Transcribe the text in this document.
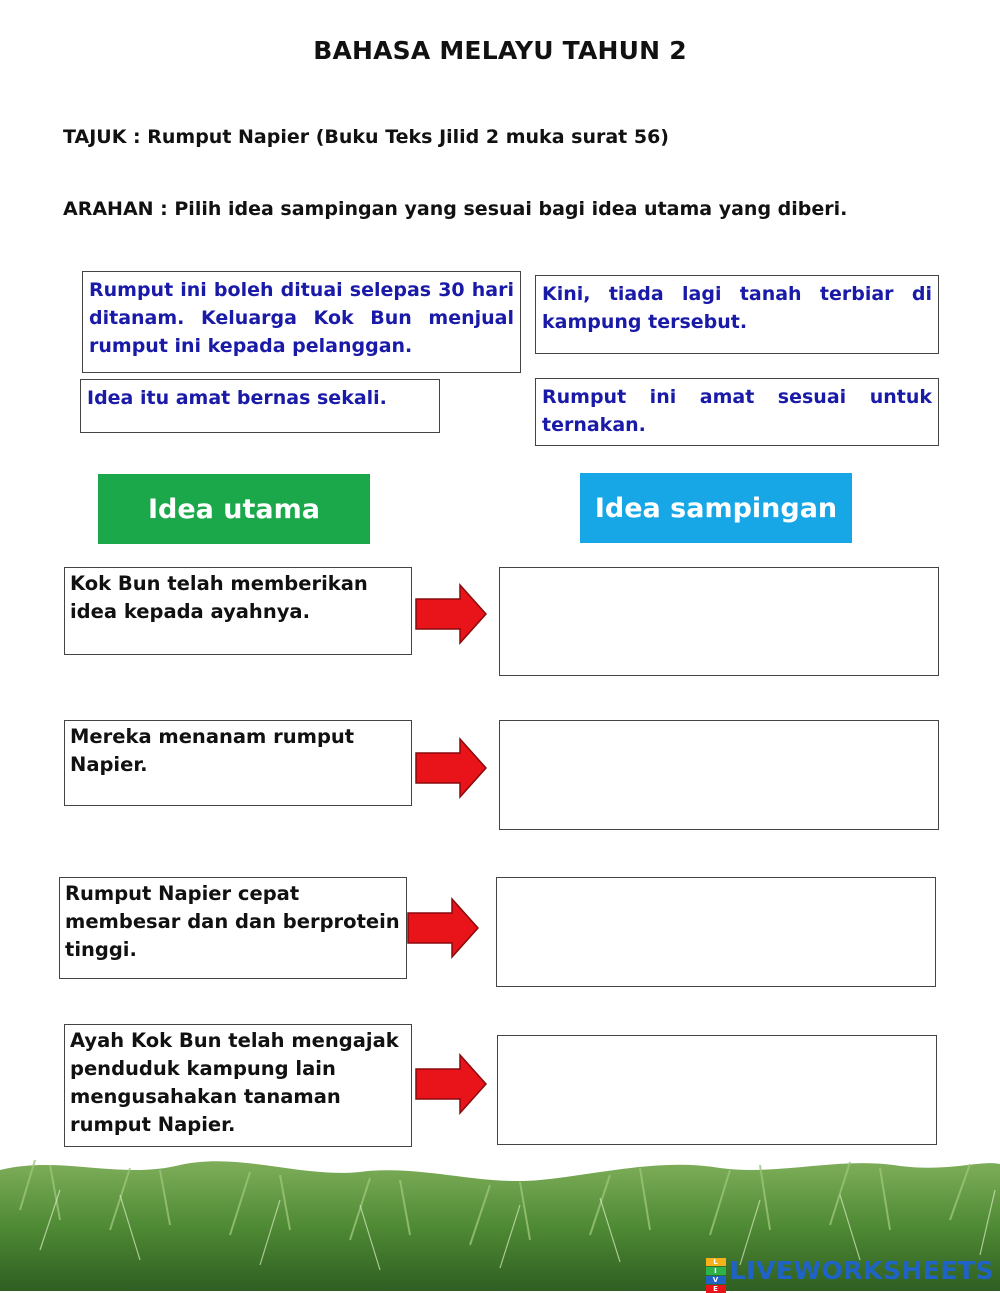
BAHASA MELAYU TAHUN 2
TAJUK : Rumput Napier (Buku Teks Jilid 2 muka surat 56)
ARAHAN : Pilih idea sampingan yang sesuai bagi idea utama yang diberi.
Rumput ini boleh dituai selepas 30 hari ditanam. Keluarga Kok Bun menjual rumput ini kepada pelanggan.
Kini, tiada lagi tanah terbiar di kampung tersebut.
Idea itu amat bernas sekali.	Rumput ini amat sesuai untuk ternakan.
Idea utama	Idea sampingan
Kok Bun telah memberikan idea kepada ayahnya.
Mereka menanam rumput Napier.
Rumput Napier cepat membesar dan dan berprotein tinggi.
Ayah Kok Bun telah mengajak penduduk kampung lain mengusahakan tanaman rumput Napier.
L
I
V
E
LIVEWORKSHEETS
